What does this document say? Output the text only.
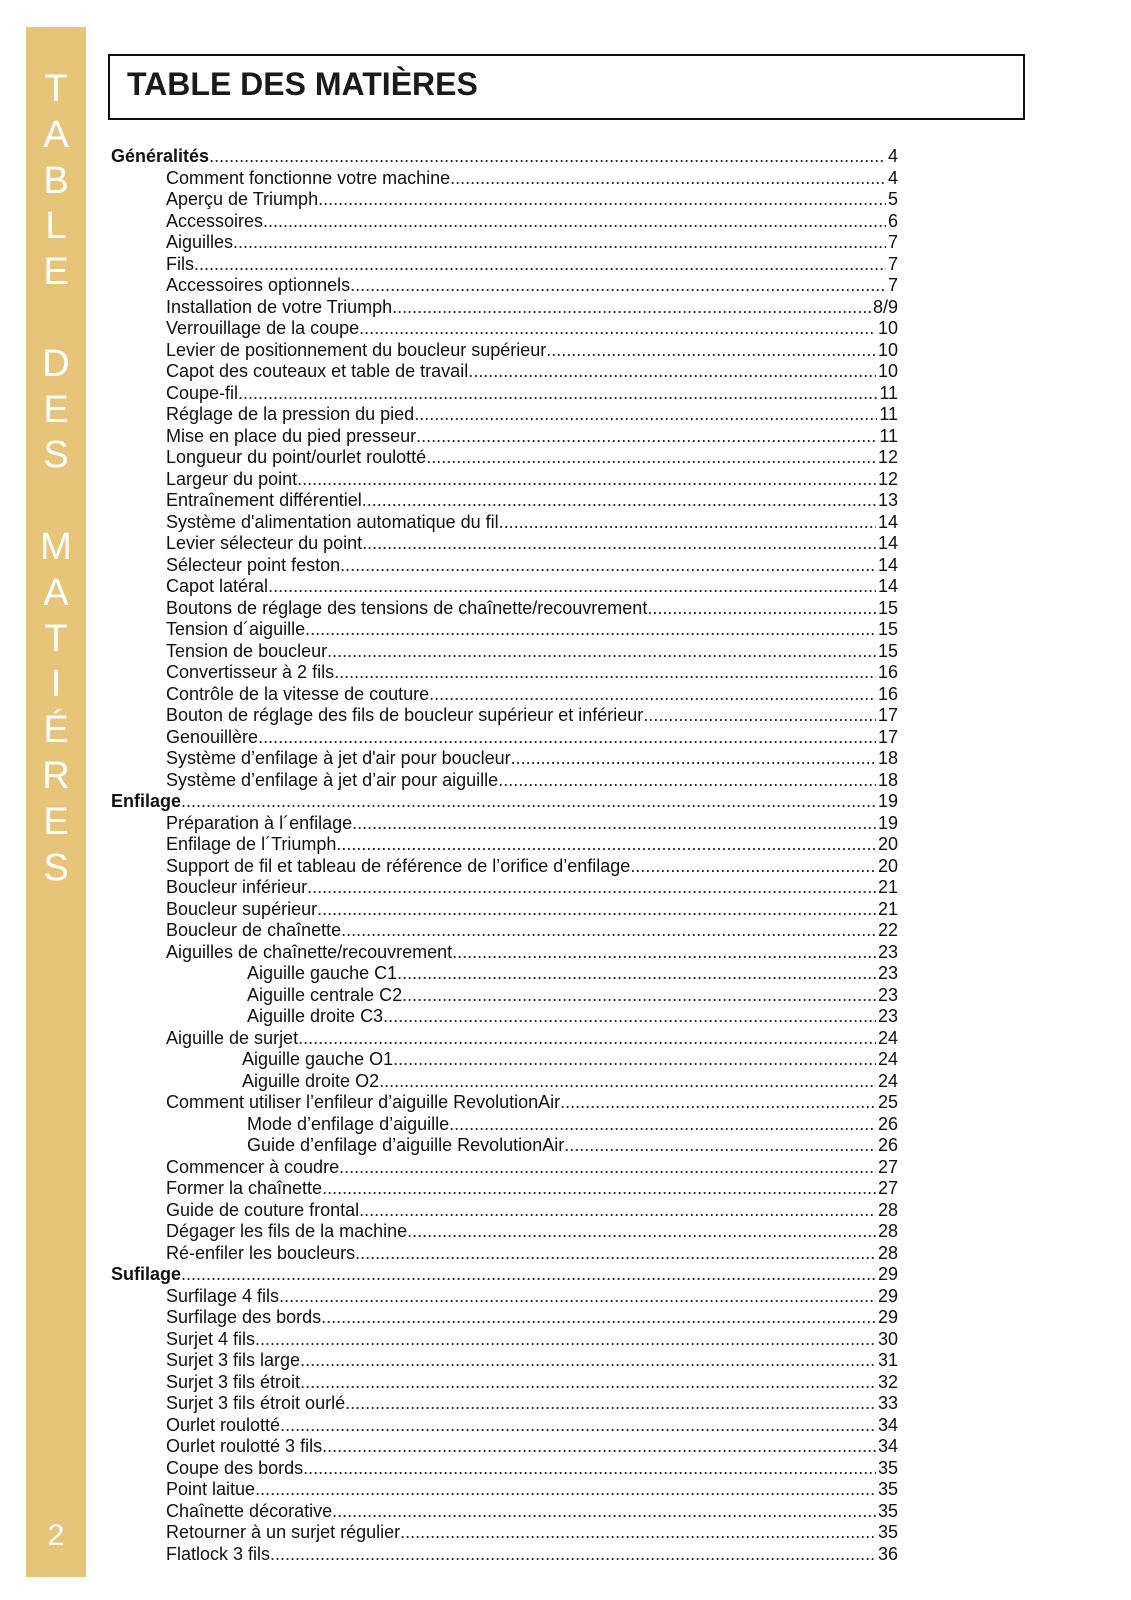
T
A
B
L
E

D
E
S

M
A
T
I
É
R
E
S
2
TABLE DES MATIÈRES
Généralités .....	4
Comment fonctionne votre machine .....	4
Aperçu de Triumph .....	5
Accessoires .....	6
Aiguilles .....	7
Fils .....	7
Accessoires optionnels .....	7
Installation de votre Triumph .....	8/9
Verrouillage de la coupe .....	10
Levier de positionnement du boucleur supérieur .....	10
Capot des couteaux et table de travail .....	10
Coupe-fil .....	11
Réglage de la pression du pied .....	11
Mise en place du pied presseur .....	11
Longueur du point/ourlet roulotté .....	12
Largeur du point .....	12
Entraînement différentiel .....	13
Système d'alimentation automatique du fil .....	14
Levier sélecteur du point .....	14
Sélecteur point feston .....	14
Capot latéral .....	14
Boutons de réglage des tensions de chaînette/recouvrement .....	15
Tension d´aiguille .....	15
Tension de boucleur .....	15
Convertisseur à 2 fils .....	16
Contrôle de la vitesse de couture .....	16
Bouton de réglage des fils de boucleur supérieur et inférieur .....	17
Genouillère .....	17
Système d’enfilage à jet d'air pour boucleur .....	18
Système d’enfilage à jet d’air pour aiguille .....	18
Enfilage .....	19
Préparation à l´enfilage .....	19
Enfilage de l´Triumph .....	20
Support de fil et tableau de référence de l’orifice d’enfilage .....	20
Boucleur inférieur .....	21
Boucleur supérieur .....	21
Boucleur de chaînette .....	22
Aiguilles de chaînette/recouvrement .....	23
Aiguille gauche C1 .....	23
Aiguille centrale C2 .....	23
Aiguille droite C3 .....	23
Aiguille de surjet .....	24
Aiguille gauche O1 .....	24
Aiguille droite O2 .....	24
Comment utiliser l’enfileur d’aiguille RevolutionAir .....	25
Mode d’enfilage d’aiguille .....	26
Guide d’enfilage d’aiguille RevolutionAir .....	26
Commencer à coudre .....	27
Former la chaînette .....	27
Guide de couture frontal .....	28
Dégager les fils de la machine .....	28
Ré-enfiler les boucleurs .....	28
Sufilage .....	29
Surfilage 4 fils .....	29
Surfilage des bords .....	29
Surjet 4 fils .....	30
Surjet 3 fils large .....	31
Surjet 3 fils étroit .....	32
Surjet 3 fils étroit ourlé .....	33
Ourlet roulotté .....	34
Ourlet roulotté 3 fils .....	34
Coupe des bords .....	35
Point laitue .....	35
Chaînette décorative .....	35
Retourner à un surjet régulier .....	35
Flatlock 3 fils .....	36
